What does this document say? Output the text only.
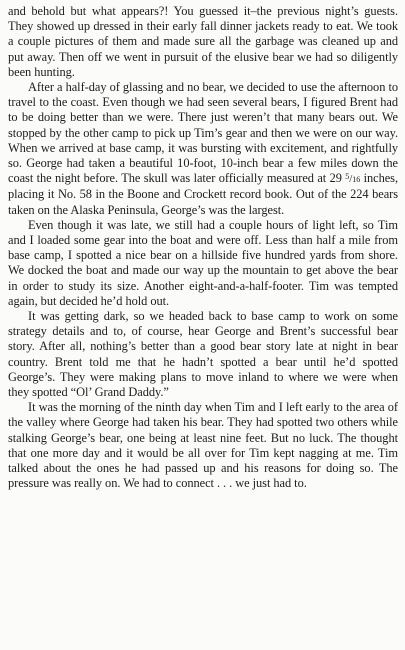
and behold but what appears?! You guessed it–the previous night’s guests. They showed up dressed in their early fall dinner jackets ready to eat. We took a couple pictures of them and made sure all the garbage was cleaned up and put away. Then off we went in pursuit of the elusive bear we had so diligently been hunting.

After a half-day of glassing and no bear, we decided to use the afternoon to travel to the coast. Even though we had seen several bears, I figured Brent had to be doing better than we were. There just weren’t that many bears out. We stopped by the other camp to pick up Tim’s gear and then we were on our way. When we arrived at base camp, it was bursting with excitement, and rightfully so. George had taken a beautiful 10-foot, 10-inch bear a few miles down the coast the night before. The skull was later officially measured at 29 $^5$/16 inches, placing it No. 58 in the Boone and Crockett record book. Out of the 224 bears taken on the Alaska Peninsula, George’s was the largest.

Even though it was late, we still had a couple hours of light left, so Tim and I loaded some gear into the boat and were off. Less than half a mile from base camp, I spotted a nice bear on a hillside five hundred yards from shore. We docked the boat and made our way up the mountain to get above the bear in order to study its size. Another eight-and-a-half-footer. Tim was tempted again, but decided he’d hold out.

It was getting dark, so we headed back to base camp to work on some strategy details and to, of course, hear George and Brent’s successful bear story. After all, nothing’s better than a good bear story late at night in bear country. Brent told me that he hadn’t spotted a bear until he’d spotted George’s. They were making plans to move inland to where we were when they spotted “Ol’ Grand Daddy.”

It was the morning of the ninth day when Tim and I left early to the area of the valley where George had taken his bear. They had spotted two others while stalking George’s bear, one being at least nine feet. But no luck. The thought that one more day and it would be all over for Tim kept nagging at me. Tim talked about the ones he had passed up and his reasons for doing so. The pressure was really on. We had to connect . . . we just had to.
